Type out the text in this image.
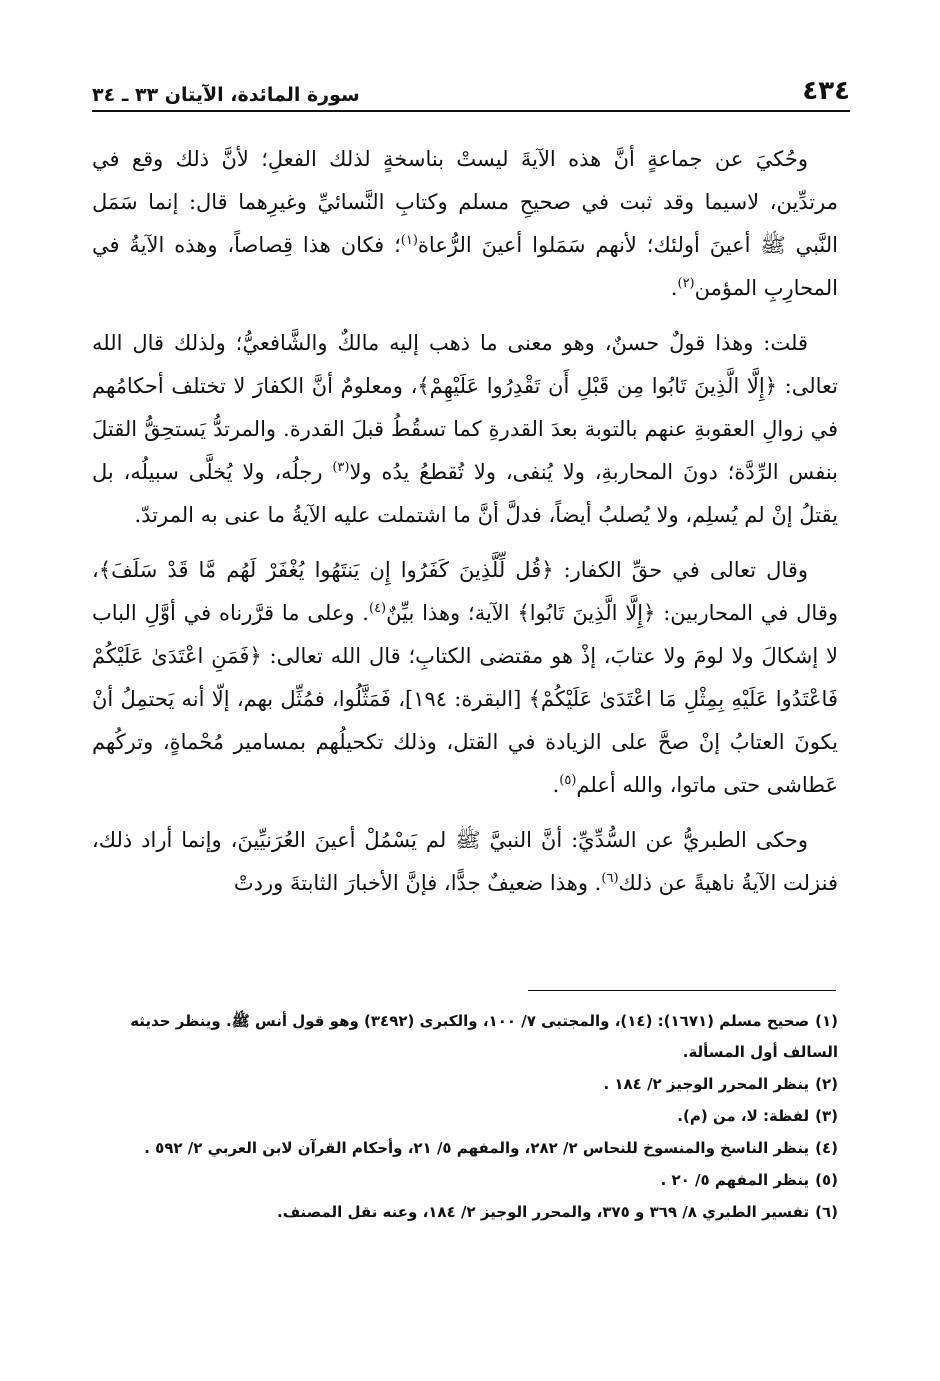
٤٣٤
سورة المائدة، الآيتان ٣٣ ـ ٣٤

وحُكيَ عن جماعةٍ أنَّ هذه الآيةَ ليستْ بناسخةٍ لذلك الفعلِ؛ لأنَّ ذلك وقع في مرتدِّين، لاسيما وقد ثبت في صحيحِ مسلم وكتابِ النَّسائيِّ وغيرِهما قال: إنما سَمَل النَّبي ﷺ أعينَ أولئك؛ لأنهم سَمَلوا أعينَ الرُّعاة$^{(١)}$؛ فكان هذا قِصاصاً، وهذه الآيةُ في المحارِبِ المؤمن$^{(٢)}$.

قلت: وهذا قولٌ حسنٌ، وهو معنى ما ذهب إليه مالكٌ والشَّافعيُّ؛ ولذلك قال الله تعالى: ﴿إِلَّا الَّذِينَ تَابُوا مِن قَبْلِ أَن تَقْدِرُوا عَلَيْهِمْ﴾، ومعلومٌ أنَّ الكفارَ لا تختلف أحكامُهم في زوالِ العقوبةِ عنهم بالتوبة بعدَ القدرةِ كما تسقُطُ قبلَ القدرة. والمرتدُّ يَستحِقُّ القتلَ بنفس الرِّدَّة؛ دونَ المحاربةِ، ولا يُنفى، ولا تُقطعُ يدُه ولا$^{(٣)}$ رجلُه، ولا يُخلَّى سبيلُه، بل يقتلُ إنْ لم يُسلِم، ولا يُصلبُ أيضاً، فدلَّ أنَّ ما اشتملت عليه الآيةُ ما عنى به المرتدّ.

وقال تعالى في حقِّ الكفار: ﴿قُل لِّلَّذِينَ كَفَرُوا إِن يَنتَهُوا يُغْفَرْ لَهُم مَّا قَدْ سَلَفَ﴾، وقال في المحاربين: ﴿إِلَّا الَّذِينَ تَابُوا﴾ الآية؛ وهذا بيِّنٌ$^{(٤)}$. وعلى ما قرَّرناه في أوَّلِ الباب لا إشكالَ ولا لومَ ولا عتابَ، إذْ هو مقتضى الكتابِ؛ قال الله تعالى: ﴿فَمَنِ اعْتَدَىٰ عَلَيْكُمْ فَاعْتَدُوا عَلَيْهِ بِمِثْلِ مَا اعْتَدَىٰ عَلَيْكُمْ﴾ [البقرة: ١٩٤]، فَمَثَّلُوا، فمُثِّل بهم، إلّا أنه يَحتمِلُ أنْ يكونَ العتابُ إنْ صحَّ على الزيادة في القتل، وذلك تكحيلُهم بمسامير مُحْماةٍ، وتركُهم عَطاشى حتى ماتوا، والله أعلم$^{(٥)}$.

وحكى الطبريُّ عن السُّدِّيِّ: أنَّ النبيَّ ﷺ لم يَسْمُلْ أعينَ العُرَنيِّينَ، وإنما أراد ذلك، فنزلت الآيةُ ناهيةً عن ذلك$^{(٦)}$. وهذا ضعيفٌ جدًّا، فإنَّ الأخبارَ الثابتةَ وردتْ

(١)صحيح مسلم (١٦٧١): (١٤)، والمجتبى ٧/ ١٠٠، والكبرى (٣٤٩٢) وهو قول أنس ﷺ. وينظر حديثه السالف أول المسألة.
(٢)ينظر المحرر الوجيز ٢/ ١٨٤ .
(٣)لفظة: لا، من (م).
(٤)ينظر الناسخ والمنسوخ للنحاس ٢/ ٢٨٢، والمفهم ٥/ ٢١، وأحكام القرآن لابن العربي ٢/ ٥٩٢ .
(٥)ينظر المفهم ٥/ ٢٠ .
(٦)تفسير الطبري ٨/ ٣٦٩ و ٣٧٥، والمحرر الوجيز ٢/ ١٨٤، وعنه نقل المصنف.
